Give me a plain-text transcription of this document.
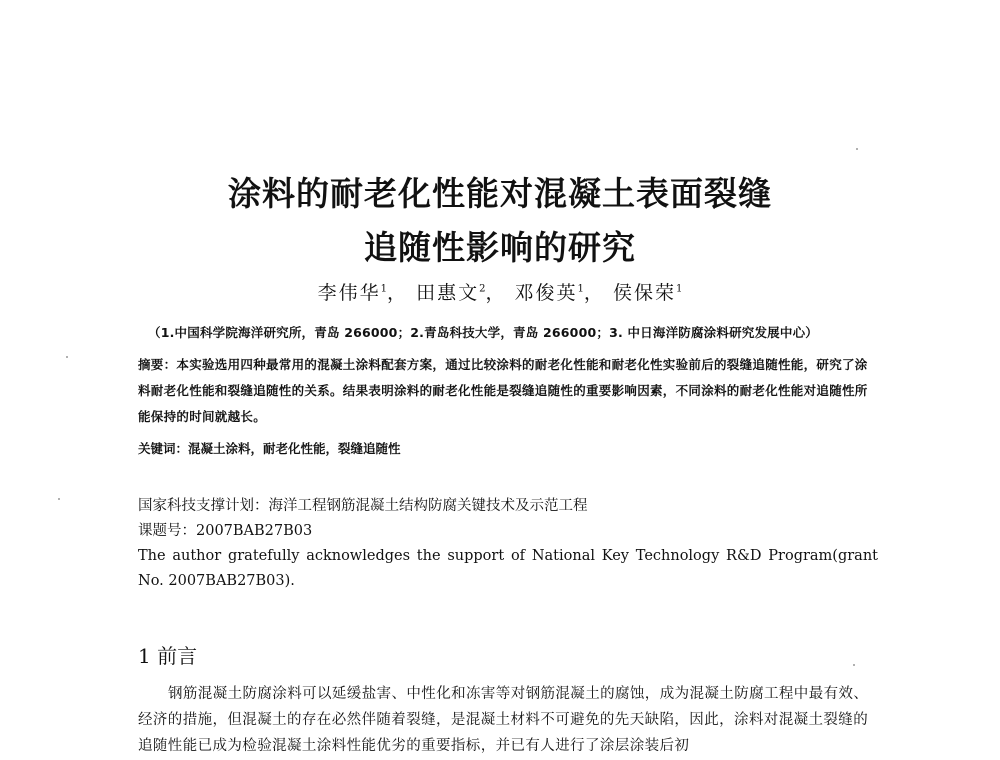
涂料的耐老化性能对混凝土表面裂缝
追随性影响的研究
李伟华$^1$， 田惠文$^2$， 邓俊英$^1$， 侯保荣$^1$
（1.中国科学院海洋研究所，青岛 266000；2.青岛科技大学，青岛 266000；3. 中日海洋防腐涂料研究发展中心）
摘要：本实验选用四种最常用的混凝土涂料配套方案，通过比较涂料的耐老化性能和耐老化性实验前后的裂缝追随性能，研究了涂料耐老化性能和裂缝追随性的关系。结果表明涂料的耐老化性能是裂缝追随性的重要影响因素，不同涂料的耐老化性能对追随性所能保持的时间就越长。
关键词：混凝土涂料，耐老化性能，裂缝追随性
国家科技支撑计划：海洋工程钢筋混凝土结构防腐关键技术及示范工程
课题号：2007BAB27B03
The author gratefully acknowledges the support of National Key Technology R&D Program(grant No. 2007BAB27B03).
1 前言
钢筋混凝土防腐涂料可以延缓盐害、中性化和冻害等对钢筋混凝土的腐蚀，成为混凝土防腐工程中最有效、经济的措施，但混凝土的存在必然伴随着裂缝，是混凝土材料不可避免的先天缺陷，因此，涂料对混凝土裂缝的追随性能已成为检验混凝土涂料性能优劣的重要指标，并已有人进行了涂层涂装后初
